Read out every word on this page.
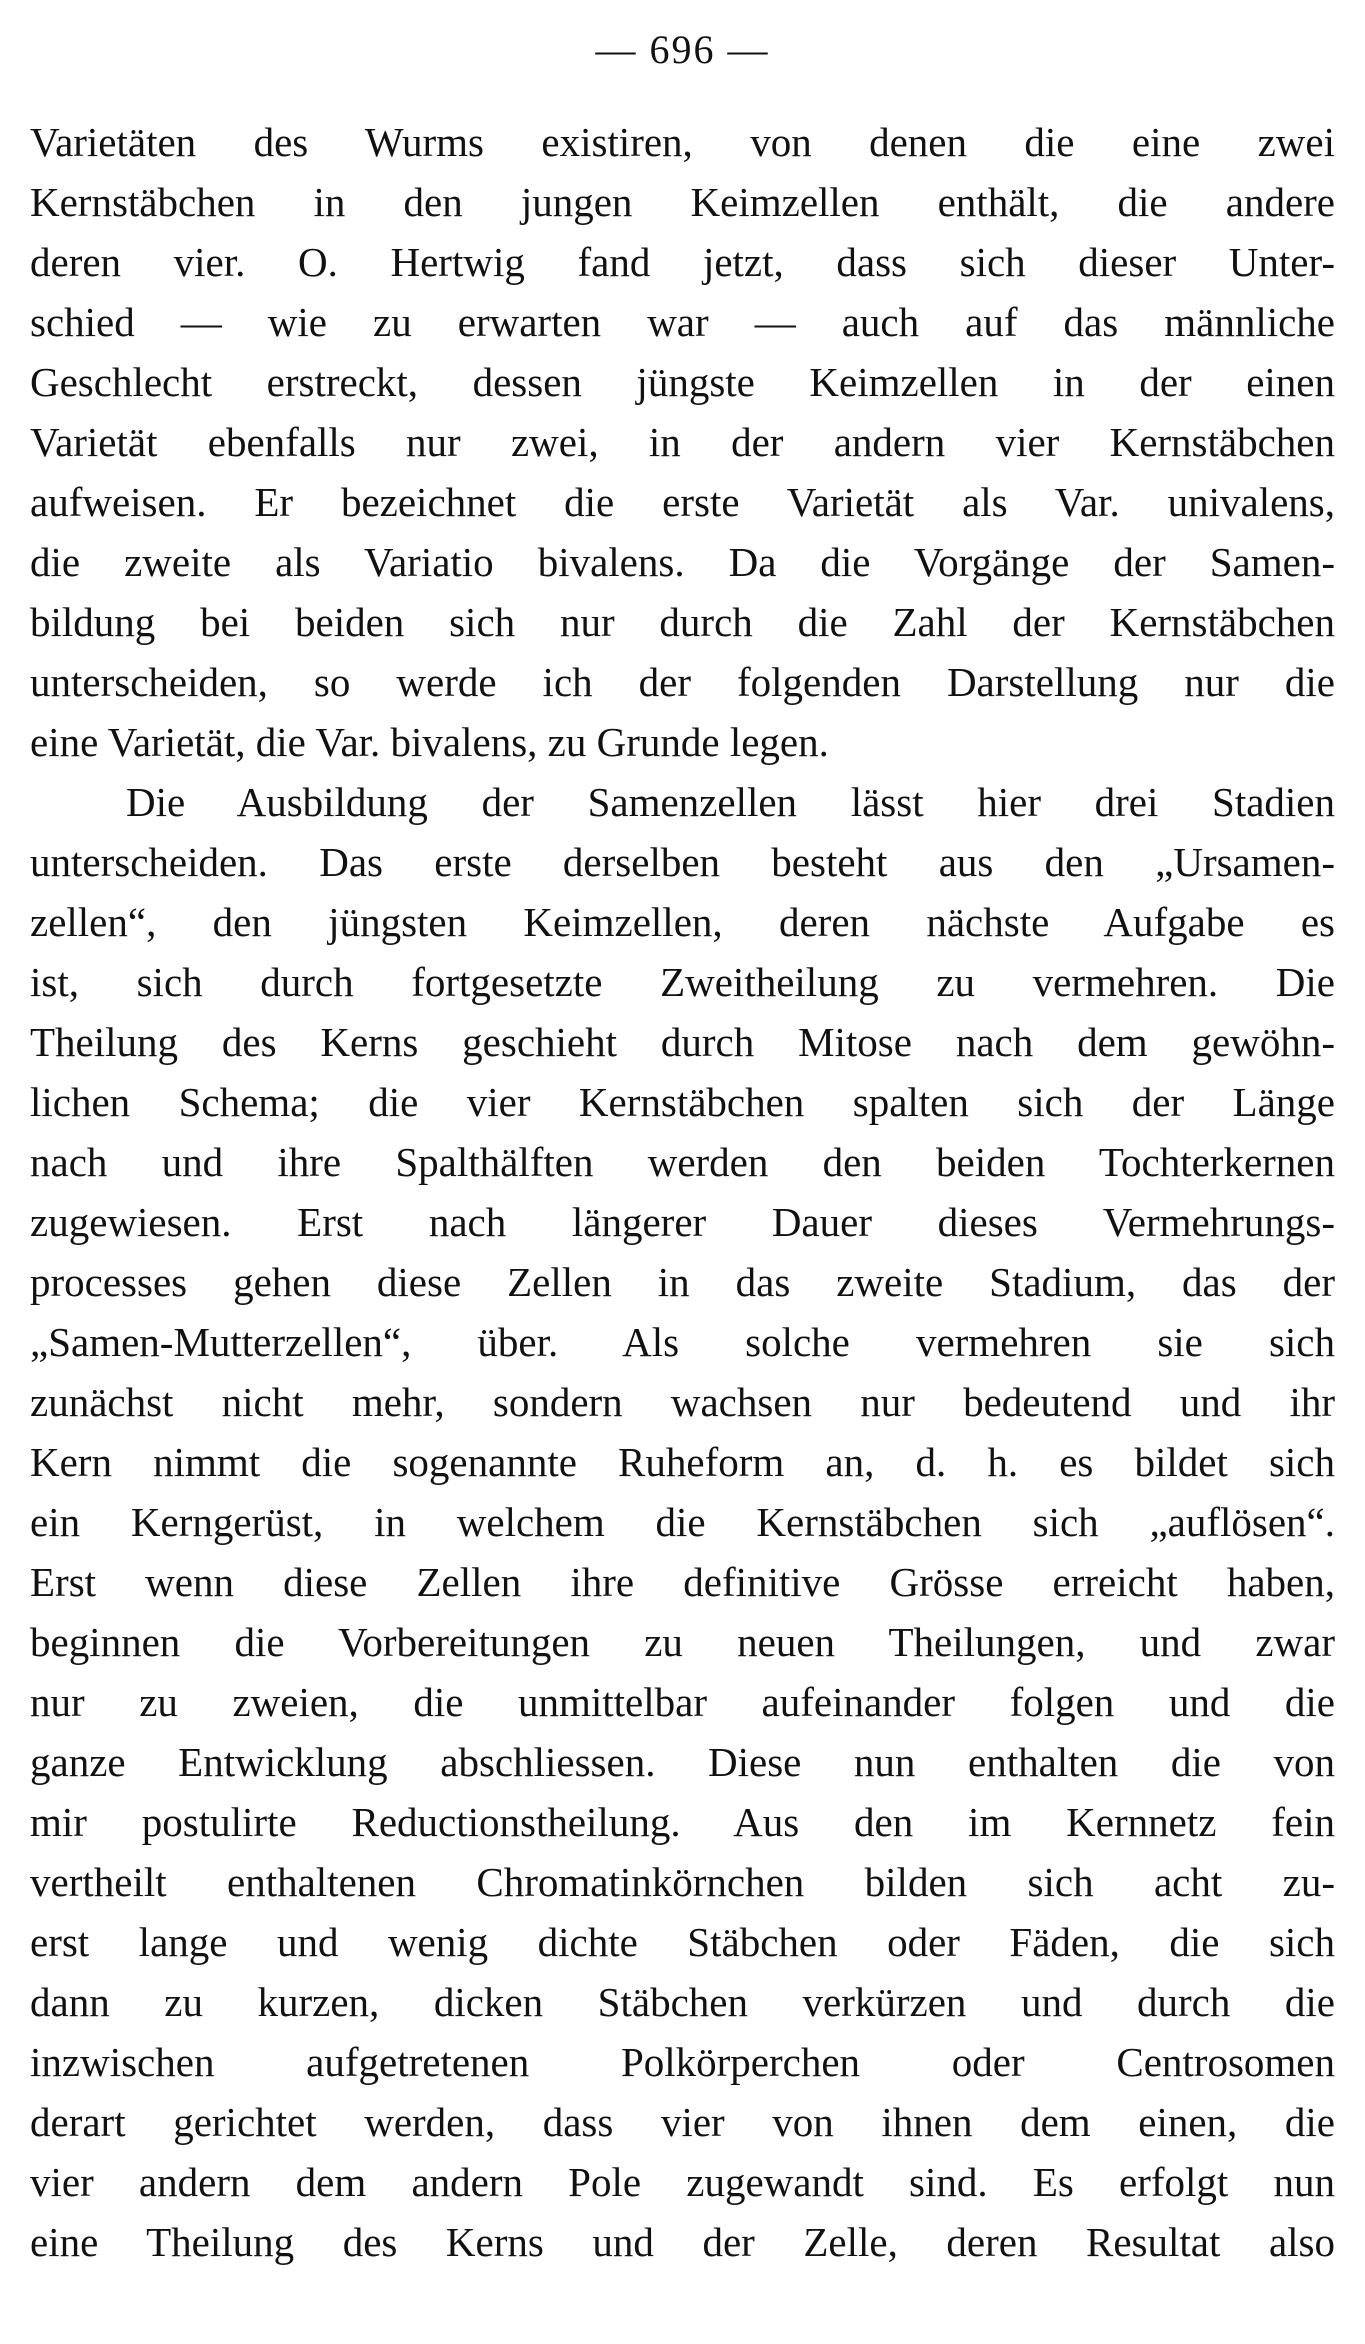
— 696 —
Varietäten des Wurms existiren, von denen die eine zwei
Kernstäbchen in den jungen Keimzellen enthält, die andere
deren vier. O. Hertwig fand jetzt, dass sich dieser Unter-
schied — wie zu erwarten war — auch auf das männliche
Geschlecht erstreckt, dessen jüngste Keimzellen in der einen
Varietät ebenfalls nur zwei, in der andern vier Kernstäbchen
aufweisen. Er bezeichnet die erste Varietät als Var. univalens,
die zweite als Variatio bivalens. Da die Vorgänge der Samen-
bildung bei beiden sich nur durch die Zahl der Kernstäbchen
unterscheiden, so werde ich der folgenden Darstellung nur die
eine Varietät, die Var. bivalens, zu Grunde legen.
Die Ausbildung der Samenzellen lässt hier drei Stadien
unterscheiden. Das erste derselben besteht aus den „Ursamen-
zellen“, den jüngsten Keimzellen, deren nächste Aufgabe es
ist, sich durch fortgesetzte Zweitheilung zu vermehren. Die
Theilung des Kerns geschieht durch Mitose nach dem gewöhn-
lichen Schema; die vier Kernstäbchen spalten sich der Länge
nach und ihre Spalthälften werden den beiden Tochterkernen
zugewiesen. Erst nach längerer Dauer dieses Vermehrungs-
processes gehen diese Zellen in das zweite Stadium, das der
„Samen-Mutterzellen“, über. Als solche vermehren sie sich
zunächst nicht mehr, sondern wachsen nur bedeutend und ihr
Kern nimmt die sogenannte Ruheform an, d. h. es bildet sich
ein Kerngerüst, in welchem die Kernstäbchen sich „auflösen“.
Erst wenn diese Zellen ihre definitive Grösse erreicht haben,
beginnen die Vorbereitungen zu neuen Theilungen, und zwar
nur zu zweien, die unmittelbar aufeinander folgen und die
ganze Entwicklung abschliessen. Diese nun enthalten die von
mir postulirte Reductionstheilung. Aus den im Kernnetz fein
vertheilt enthaltenen Chromatinkörnchen bilden sich acht zu-
erst lange und wenig dichte Stäbchen oder Fäden, die sich
dann zu kurzen, dicken Stäbchen verkürzen und durch die
inzwischen aufgetretenen Polkörperchen oder Centrosomen
derart gerichtet werden, dass vier von ihnen dem einen, die
vier andern dem andern Pole zugewandt sind. Es erfolgt nun
eine Theilung des Kerns und der Zelle, deren Resultat also
